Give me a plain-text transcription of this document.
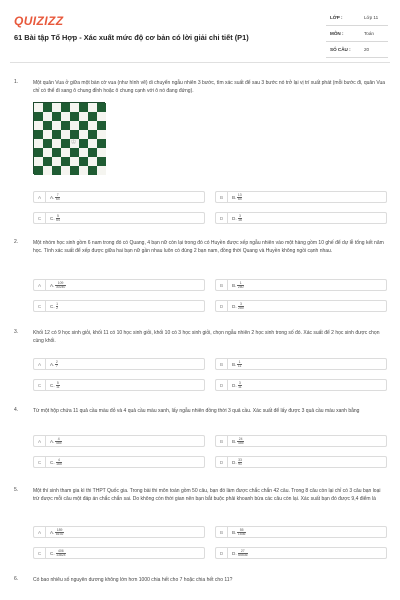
QUIZIZZ
61 Bài tập Tổ Hợp - Xác xuất mức độ cơ bản có lời giải chi tiết (P1)
LỚP :	Lớp 11
MÔN :	Toán
SỐ CÂU :	20
1.	Một quân Vua ở giữa một bàn cờ vua (như hình vẽ) di chuyển ngẫu nhiên 3 bước, tìm xác suất để sau 3 bước nó trở lại vị trí xuất phát (mỗi bước đi, quân Vua chỉ có thể đi sang ô chung đỉnh hoặc ô chung cạnh với ô nó đang đứng).
♔
A	A. $\frac{7}{64}$	B	B. $\frac{13}{64}$
C	C. $\frac{5}{64}$	D	D. $\frac{3}{16}$
2.	Một nhóm học sinh gồm 6 nam trong đó có Quang, 4 bạn nữ còn lại trong đó có Huyền được xếp ngẫu nhiên vào một hàng gồm 10 ghế để dự lễ tổng kết năm học. Tính xác suất để xếp được giữa hai bạn nữ gần nhau luôn có đúng 2 bạn nam, đồng thời Quang và Huyền không ngồi cạnh nhau.
A	A. $\frac{109}{30240}$	B	B. $\frac{1}{280}$
C	C. $\frac{1}{2}$	D	D. $\frac{3}{280}$
3.	Khối 12 có 9 học sinh giỏi, khối 11 có 10 học sinh giỏi, khối 10 có 3 học sinh giỏi, chọn ngẫu nhiên 2 học sinh trong số đó. Xác suất để 2 học sinh được chọn cùng khối.
A	A. $\frac{2}{7}$	B	B. $\frac{1}{11}$
C	C. $\frac{5}{11}$	D	D. $\frac{3}{11}$
4.	Từ một hộp chứa 11 quả cầu màu đỏ và 4 quả cầu màu xanh, lấy ngẫu nhiên đồng thời 3 quả cầu. Xác suất để lấy được 3 quả cầu màu xanh bằng
A	A. $\frac{4}{455}$	B	B. $\frac{24}{455}$
C	C. $\frac{4}{165}$	D	D. $\frac{33}{91}$
5.	Một thí sinh tham gia kì thi THPT Quốc gia. Trong bài thi môn toán gồm 50 câu, bạn đó làm được chắc chắn 42 câu. Trong 8 câu còn lại chỉ có 3 câu bạn loại trừ được mỗi câu một đáp án chắc chắn sai. Do không còn thời gian nên bạn bắt buộc phải khoanh bừa các câu còn lại. Xác suất bạn đó được 9,4 điểm là
A	A. $\frac{189}{8192}$	B	B. $\frac{55}{1536}$
C	C. $\frac{406}{13824}$	D	D. $\frac{27}{65536}$
6.	Có bao nhiêu số nguyên dương không lớn hơn 1000 chia hết cho 7 hoặc chia hết cho 11?
